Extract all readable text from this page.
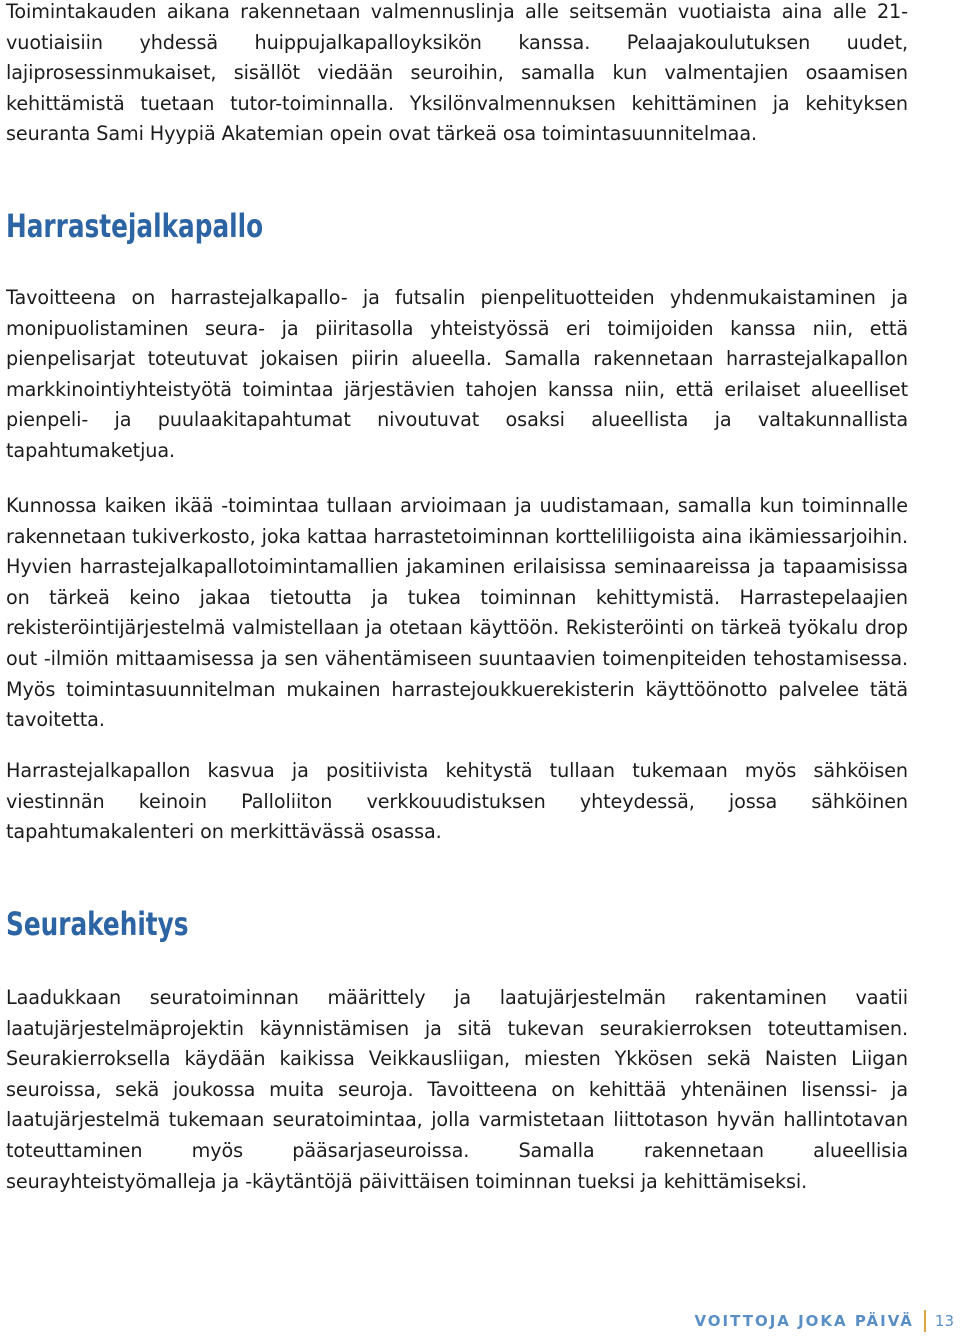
Toimintakauden aikana rakennetaan valmennuslinja alle seitsemän vuotiaista aina alle 21-vuotiaisiin yhdessä huippujalkapalloyksikön kanssa. Pelaajakoulutuksen uudet, lajiprosessinmukaiset, sisällöt viedään seuroihin, samalla kun valmentajien osaamisen kehittämistä tuetaan tutor-toiminnalla. Yksilönvalmennuksen kehittäminen ja kehityksen seuranta Sami Hyypiä Akatemian opein ovat tärkeä osa toimintasuunnitelmaa.

Harrastejalkapallo

Tavoitteena on harrastejalkapallo- ja futsalin pienpelituotteiden yhdenmukaistaminen ja monipuolistaminen seura- ja piiritasolla yhteistyössä eri toimijoiden kanssa niin, että pienpelisarjat toteutuvat jokaisen piirin alueella. Samalla rakennetaan harrastejalkapallon markkinointiyhteistyötä toimintaa järjestävien tahojen kanssa niin, että erilaiset alueelliset pienpeli- ja puulaakitapahtumat nivoutuvat osaksi alueellista ja valtakunnallista tapahtumaketjua.

Kunnossa kaiken ikää -toimintaa tullaan arvioimaan ja uudistamaan, samalla kun toiminnalle rakennetaan tukiverkosto, joka kattaa harrastetoiminnan kortteliliigoista aina ikämiessarjoihin. Hyvien harrastejalkapallotoimintamallien jakaminen erilaisissa seminaareissa ja tapaamisissa on tärkeä keino jakaa tietoutta ja tukea toiminnan kehittymistä. Harrastepelaajien rekisteröintijärjestelmä valmistellaan ja otetaan käyttöön. Rekisteröinti on tärkeä työkalu drop out -ilmiön mittaamisessa ja sen vähentämiseen suuntaavien toimenpiteiden tehostamisessa. Myös toimintasuunnitelman mukainen harrastejoukkuerekisterin käyttöönotto palvelee tätä tavoitetta.

Harrastejalkapallon kasvua ja positiivista kehitystä tullaan tukemaan myös sähköisen viestinnän keinoin Palloliiton verkkouudistuksen yhteydessä, jossa sähköinen tapahtumakalenteri on merkittävässä osassa.

Seurakehitys

Laadukkaan seuratoiminnan määrittely ja laatujärjestelmän rakentaminen vaatii laatujärjestelmäprojektin käynnistämisen ja sitä tukevan seurakierroksen toteuttamisen. Seurakierroksella käydään kaikissa Veikkausliigan, miesten Ykkösen sekä Naisten Liigan seuroissa, sekä joukossa muita seuroja. Tavoitteena on kehittää yhtenäinen lisenssi- ja laatujärjestelmä tukemaan seuratoimintaa, jolla varmistetaan liittotason hyvän hallintotavan toteuttaminen myös pääsarjaseuroissa. Samalla rakennetaan alueellisia seurayhteistyömalleja ja -käytäntöjä päivittäisen toiminnan tueksi ja kehittämiseksi.

VOITTOJA JOKA PÄIVÄ 13
